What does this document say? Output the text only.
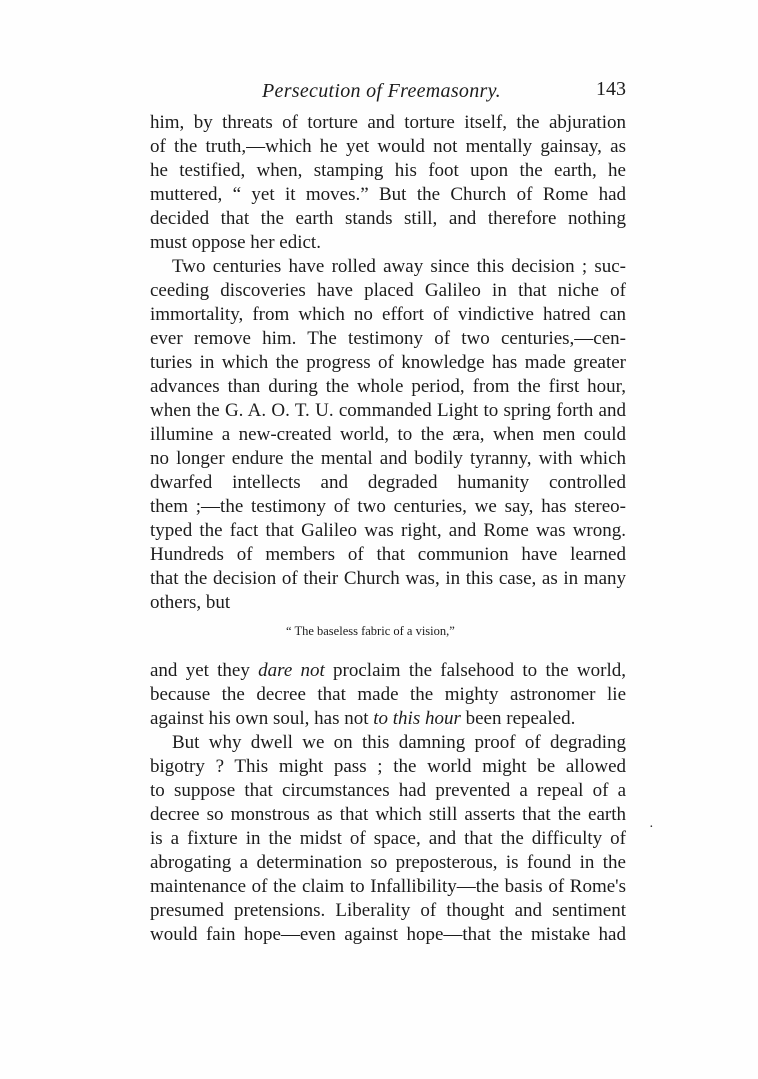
Persecution of Freemasonry.	143
him, by threats of torture and torture itself, the abjuration
of the truth,—which he yet would not mentally gainsay, as
he testified, when, stamping his foot upon the earth, he
muttered, “ yet it moves.” But the Church of Rome had
decided that the earth stands still, and therefore nothing
must oppose her edict.
Two centuries have rolled away since this decision ; suc-
ceeding discoveries have placed Galileo in that niche of
immortality, from which no effort of vindictive hatred can
ever remove him. The testimony of two centuries,—cen-
turies in which the progress of knowledge has made greater
advances than during the whole period, from the first hour,
when the G. A. O. T. U. commanded Light to spring forth and
illumine a new-created world, to the æra, when men could
no longer endure the mental and bodily tyranny, with which
dwarfed intellects and degraded humanity controlled
them ;—the testimony of two centuries, we say, has stereo-
typed the fact that Galileo was right, and Rome was wrong.
Hundreds of members of that communion have learned
that the decision of their Church was, in this case, as in many
others, but
“ The baseless fabric of a vision,”
and yet they dare not proclaim the falsehood to the world,
because the decree that made the mighty astronomer lie
against his own soul, has not to this hour been repealed.
But why dwell we on this damning proof of degrading
bigotry ? This might pass ; the world might be allowed
to suppose that circumstances had prevented a repeal of a
decree so monstrous as that which still asserts that the earth
is a fixture in the midst of space, and that the difficulty of
abrogating a determination so preposterous, is found in the
maintenance of the claim to Infallibility—the basis of Rome's
presumed pretensions. Liberality of thought and sentiment
would fain hope—even against hope—that the mistake had
·
